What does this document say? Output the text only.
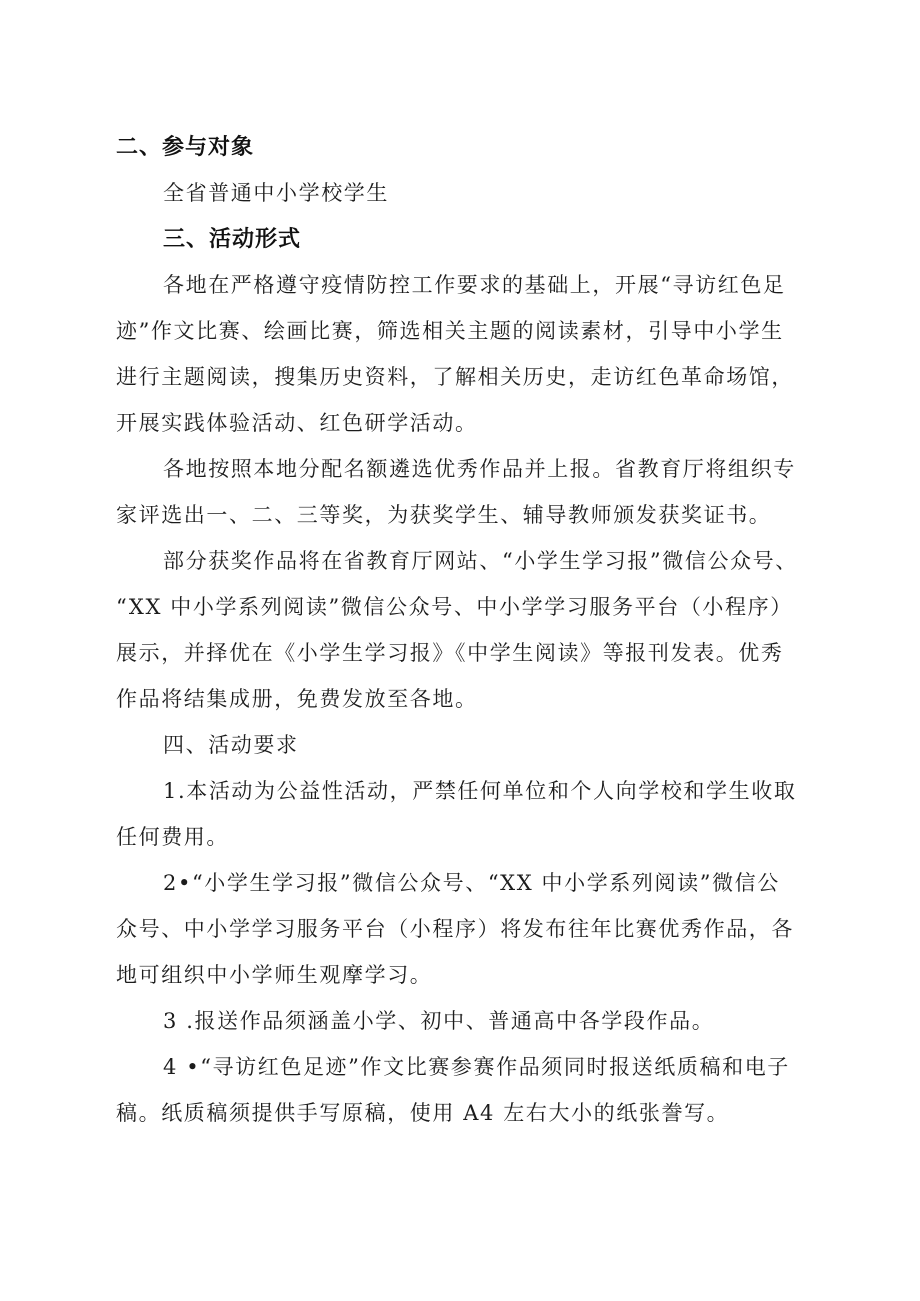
二、参与对象
全省普通中小学校学生
三、活动形式
各地在严格遵守疫情防控工作要求的基础上，开展“寻访红色足
迹”作文比赛、绘画比赛，筛选相关主题的阅读素材，引导中小学生
进行主题阅读，搜集历史资料，了解相关历史，走访红色革命场馆，
开展实践体验活动、红色研学活动。
各地按照本地分配名额遴选优秀作品并上报。省教育厅将组织专
家评选出一、二、三等奖，为获奖学生、辅导教师颁发获奖证书。
部分获奖作品将在省教育厅网站、“小学生学习报”微信公众号、
“XX 中小学系列阅读”微信公众号、中小学学习服务平台（小程序）
展示，并择优在《小学生学习报》《中学生阅读》等报刊发表。优秀
作品将结集成册，免费发放至各地。
四、活动要求
1.本活动为公益性活动，严禁任何单位和个人向学校和学生收取
任何费用。
2•“小学生学习报”微信公众号、“XX 中小学系列阅读”微信公
众号、中小学学习服务平台（小程序）将发布往年比赛优秀作品，各
地可组织中小学师生观摩学习。
3 .报送作品须涵盖小学、初中、普通高中各学段作品。
4 •“寻访红色足迹”作文比赛参赛作品须同时报送纸质稿和电子
稿。纸质稿须提供手写原稿，使用 A4 左右大小的纸张誊写。
